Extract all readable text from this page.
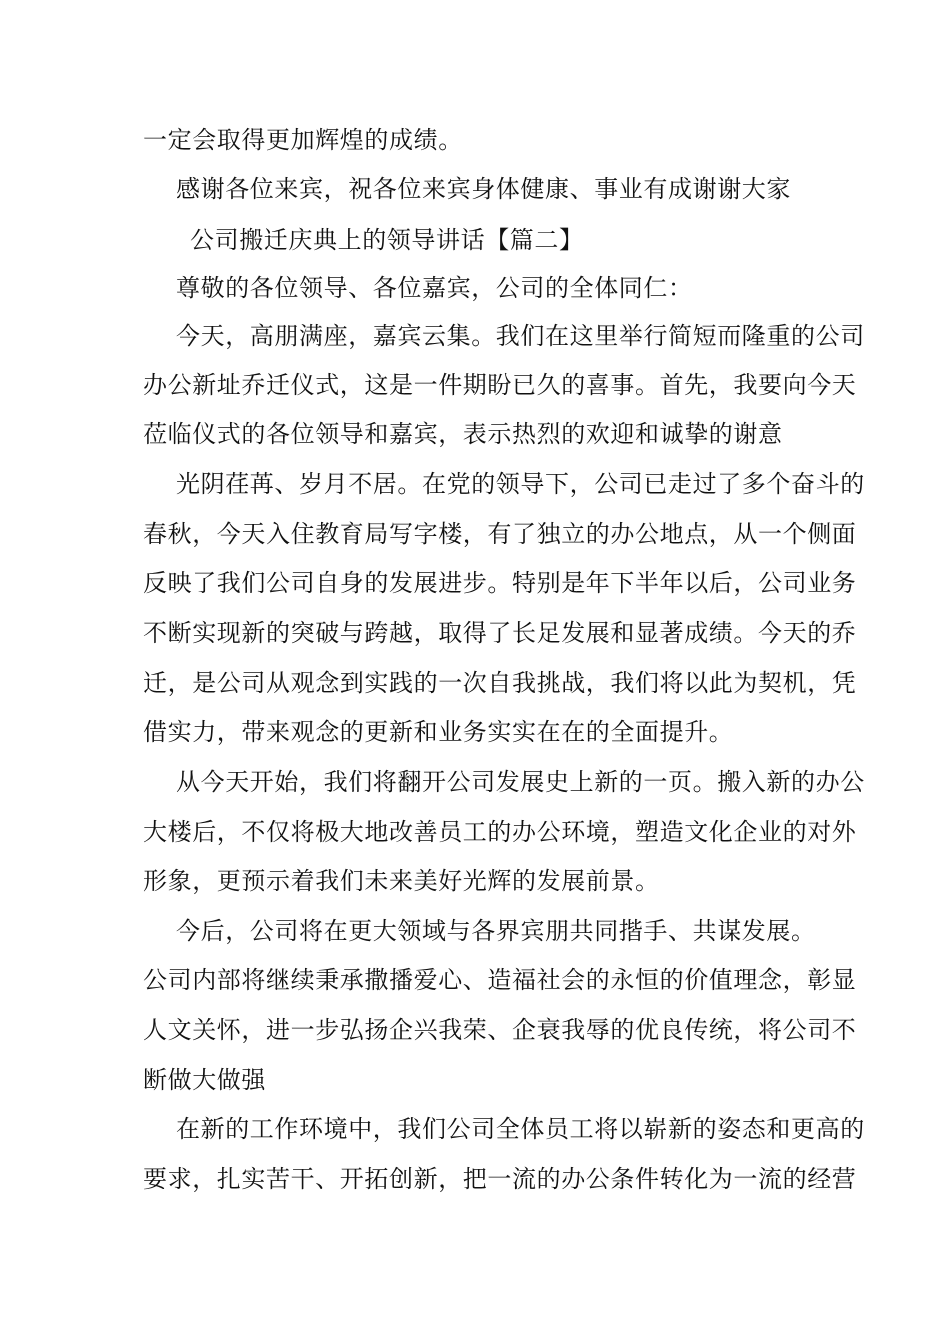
一定会取得更加辉煌的成绩。
感谢各位来宾，祝各位来宾身体健康、事业有成谢谢大家
公司搬迁庆典上的领导讲话【篇二】
尊敬的各位领导、各位嘉宾，公司的全体同仁：
今天，高朋满座，嘉宾云集。我们在这里举行简短而隆重的公司
办公新址乔迁仪式，这是一件期盼已久的喜事。首先，我要向今天
莅临仪式的各位领导和嘉宾，表示热烈的欢迎和诚挚的谢意
光阴荏苒、岁月不居。在党的领导下，公司已走过了多个奋斗的
春秋，今天入住教育局写字楼，有了独立的办公地点，从一个侧面
反映了我们公司自身的发展进步。特别是年下半年以后，公司业务
不断实现新的突破与跨越，取得了长足发展和显著成绩。今天的乔
迁，是公司从观念到实践的一次自我挑战，我们将以此为契机，凭
借实力，带来观念的更新和业务实实在在的全面提升。
从今天开始，我们将翻开公司发展史上新的一页。搬入新的办公
大楼后，不仅将极大地改善员工的办公环境，塑造文化企业的对外
形象，更预示着我们未来美好光辉的发展前景。
今后，公司将在更大领域与各界宾朋共同揩手、共谋发展。
公司内部将继续秉承撒播爱心、造福社会的永恒的价值理念，彰显
人文关怀，进一步弘扬企兴我荣、企衰我辱的优良传统，将公司不
断做大做强
在新的工作环境中，我们公司全体员工将以崭新的姿态和更高的
要求，扎实苦干、开拓创新，把一流的办公条件转化为一流的经营
